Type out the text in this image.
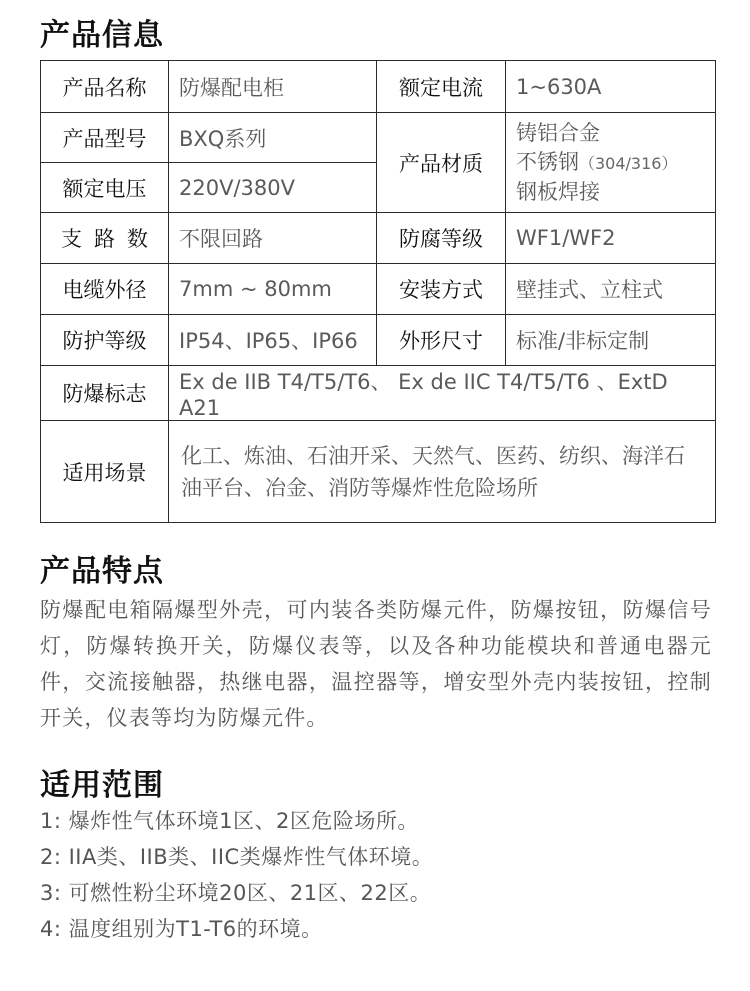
产品信息
产品名称	防爆配电柜	额定电流	1~630A
产品型号	BXQ系列	产品材质	铸铝合金
不锈钢（304/316）
钢板焊接

额定电压	220V/380V		
支路数	不限回路	防腐等级	WF1/WF2
电缆外径	7mm ~ 80mm	安装方式	壁挂式、立柱式
防护等级	IP54、IP65、IP66	外形尺寸	标准/非标定制
防爆标志	Ex de IIB T4/T5/T6、 Ex de IIC T4/T5/T6 、ExtD A21		
适用场景	化工、炼油、石油开采、天然气、医药、纺织、海洋石油平台、冶金、消防等爆炸性危险场所		
产品特点
防爆配电箱隔爆型外壳，可内装各类防爆元件，防爆按钮，防爆信号灯，防爆转换开关，防爆仪表等，以及各种功能模块和普通电器元件，交流接触器，热继电器，温控器等，增安型外壳内装按钮，控制开关，仪表等均为防爆元件。
适用范围
1: 爆炸性气体环境1区、2区危险场所。
2: IIA类、IIB类、IIC类爆炸性气体环境。
3: 可燃性粉尘环境20区、21区、22区。
4: 温度组别为T1-T6的环境。
